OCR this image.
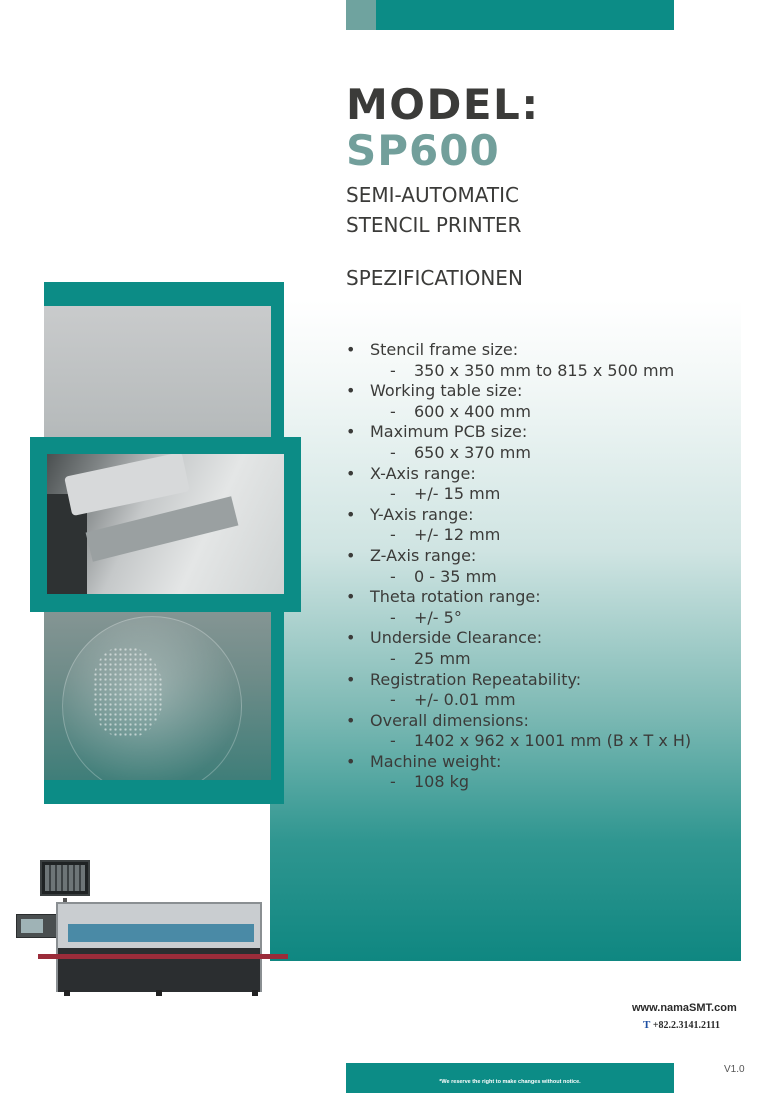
MODEL:
SP600
SEMI-AUTOMATIC
STENCIL PRINTER
SPEZIFICATIONEN
• Stencil frame size:
- 350 x 350 mm to 815 x 500 mm
• Working table size:
- 600 x 400 mm
• Maximum PCB size:
- 650 x 370 mm
• X-Axis range:
- +/- 15 mm
• Y-Axis range:
- +/- 12 mm
• Z-Axis range:
- 0 - 35 mm
• Theta rotation range:
- +/- 5°
• Underside Clearance:
- 25 mm
• Registration Repeatability:
- +/- 0.01 mm
• Overall dimensions:
- 1402 x 962 x 1001 mm (B x T x H)
• Machine weight:
- 108 kg
www.namaSMT.com
T +82.2.3141.2111
V1.0
*We reserve the right to make changes without notice.
